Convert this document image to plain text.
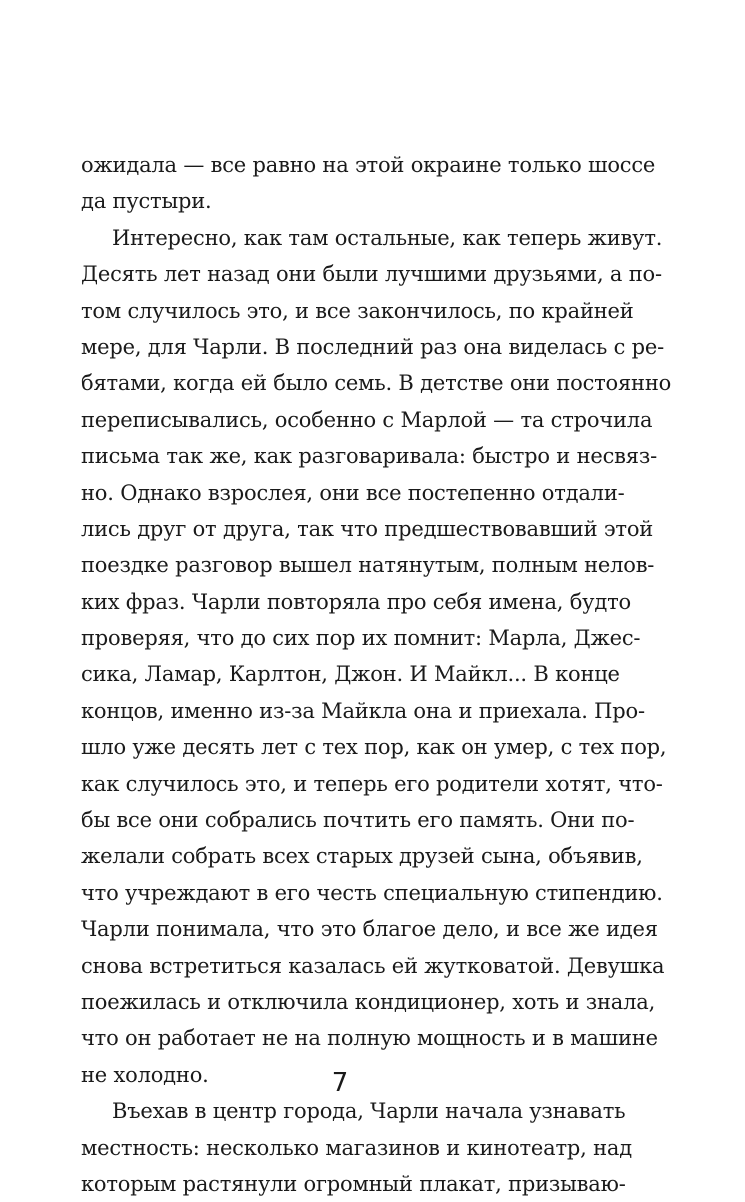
ожидала — все равно на этой окраине только шоссе
да пустыри.
Интересно, как там остальные, как теперь живут.
Десять лет назад они были лучшими друзьями, а по-
том случилось это, и все закончилось, по крайней
мере, для Чарли. В последний раз она виделась с ре-
бятами, когда ей было семь. В детстве они постоянно
переписывались, особенно с Марлой — та строчила
письма так же, как разговаривала: быстро и несвяз-
но. Однако взрослея, они все постепенно отдали-
лись друг от друга, так что предшествовавший этой
поездке разговор вышел натянутым, полным нелов-
ких фраз. Чарли повторяла про себя имена, будто
проверяя, что до сих пор их помнит: Марла, Джес-
сика, Ламар, Карлтон, Джон. И Майкл... В конце
концов, именно из-за Майкла она и приехала. Про-
шло уже десять лет с тех пор, как он умер, с тех пор,
как случилось это, и теперь его родители хотят, что-
бы все они собрались почтить его память. Они по-
желали собрать всех старых друзей сына, объявив,
что учреждают в его честь специальную стипендию.
Чарли понимала, что это благое дело, и все же идея
снова встретиться казалась ей жутковатой. Девушка
поежилась и отключила кондиционер, хоть и знала,
что он работает не на полную мощность и в машине
не холодно.
Въехав в центр города, Чарли начала узнавать
местность: несколько магазинов и кинотеатр, над
которым растянули огромный плакат, призываю-
7
